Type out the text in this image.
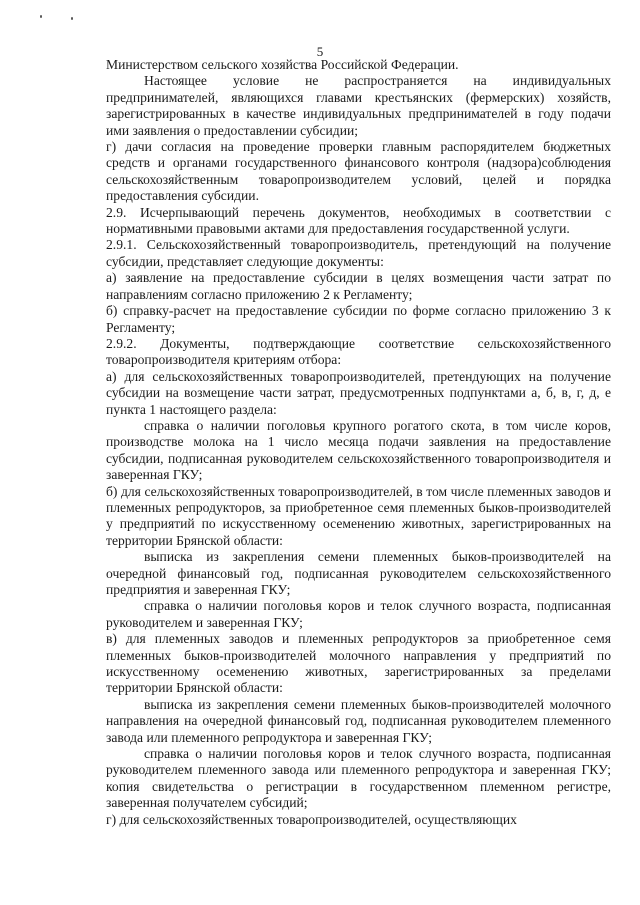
5

Министерством сельского хозяйства Российской Федерации.

Настоящее условие не распространяется на индивидуальных предпринимателей, являющихся главами крестьянских (фермерских) хозяйств, зарегистрированных в качестве индивидуальных предпринимателей в году подачи ими заявления о предоставлении субсидии;

г) дачи согласия на проведение проверки главным распорядителем бюджетных средств и органами государственного финансового контроля (надзора)соблюдения сельскохозяйственным товаропроизводителем условий, целей и порядка предоставления субсидии.

2.9. Исчерпывающий перечень документов, необходимых в соответствии с нормативными правовыми актами для предоставления государственной услуги.

2.9.1. Сельскохозяйственный товаропроизводитель, претендующий на получение субсидии, представляет следующие документы:

а) заявление на предоставление субсидии в целях возмещения части затрат по направлениям согласно приложению 2 к Регламенту;

б) справку-расчет на предоставление субсидии по форме согласно приложению 3 к Регламенту;

2.9.2. Документы, подтверждающие соответствие сельскохозяйственного товаропроизводителя критериям отбора:

а) для сельскохозяйственных товаропроизводителей, претендующих на получение субсидии на возмещение части затрат, предусмотренных подпунктами а, б, в, г, д, е пункта 1 настоящего раздела:

справка о наличии поголовья крупного рогатого скота, в том числе коров, производстве молока на 1 число месяца подачи заявления на предоставление субсидии, подписанная руководителем сельскохозяйственного товаропроизводителя и заверенная ГКУ;

б) для сельскохозяйственных товаропроизводителей, в том числе племенных заводов и племенных репродукторов, за приобретенное семя племенных быков-производителей у предприятий по искусственному осеменению животных, зарегистрированных на территории Брянской области:

выписка из закрепления семени племенных быков-производителей на очередной финансовый год, подписанная руководителем сельскохозяйственного предприятия и заверенная ГКУ;

справка о наличии поголовья коров и телок случного возраста, подписанная руководителем и заверенная ГКУ;

в) для племенных заводов и племенных репродукторов за приобретенное семя племенных быков-производителей молочного направления у предприятий по искусственному осеменению животных, зарегистрированных за пределами территории Брянской области:

выписка из закрепления семени племенных быков-производителей молочного направления на очередной финансовый год, подписанная руководителем племенного завода или племенного репродуктора и заверенная ГКУ;

справка о наличии поголовья коров и телок случного возраста, подписанная руководителем племенного завода или племенного репродуктора и заверенная ГКУ; копия свидетельства о регистрации в государственном племенном регистре, заверенная получателем субсидий;

г) для сельскохозяйственных товаропроизводителей, осуществляющих
